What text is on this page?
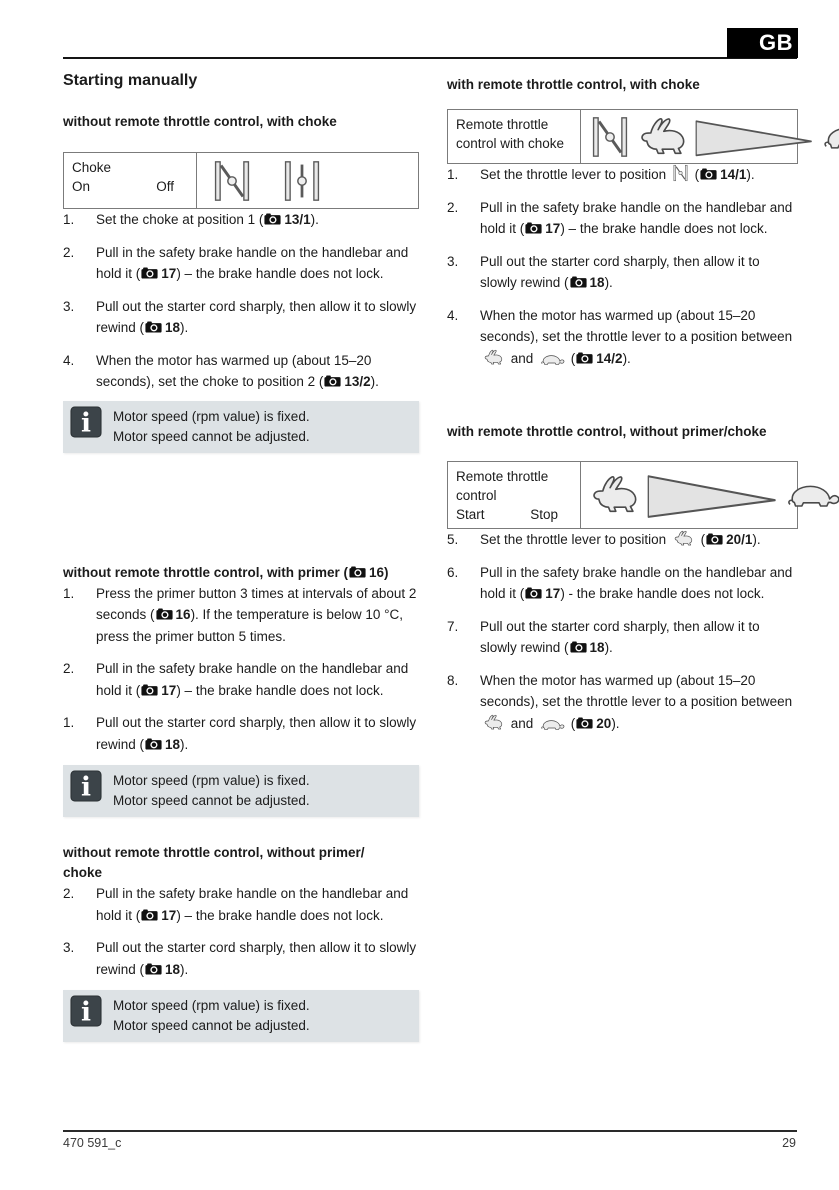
GB
Starting manually
without remote throttle control, with choke
Choke
On	Off
1.	Set the choke at position 1 ( 13/1).
2.	Pull in the safety brake handle on the handlebar and hold it ( 17) – the brake handle does not lock.
3.	Pull out the starter cord sharply, then allow it to slowly rewind ( 18).
4.	When the motor has warmed up (about 15–20 seconds), set the choke to position 2 ( 13/2).
i Motor speed (rpm value) is fixed.
Motor speed cannot be adjusted.
without remote throttle control, with primer ( 16)
1.	Press the primer button 3 times at intervals of about 2 seconds ( 16). If the temperature is below 10 °C, press the primer button 5 times.
2.	Pull in the safety brake handle on the handlebar and hold it ( 17) – the brake handle does not lock.
1.	Pull out the starter cord sharply, then allow it to slowly rewind ( 18).
i Motor speed (rpm value) is fixed.
Motor speed cannot be adjusted.
without remote throttle control, without primer/
choke
2.	Pull in the safety brake handle on the handlebar and hold it ( 17) – the brake handle does not lock.
3.	Pull out the starter cord sharply, then allow it to slowly rewind ( 18).
i Motor speed (rpm value) is fixed.
Motor speed cannot be adjusted.
with remote throttle control, with choke
Remote throttle control with choke
1.	Set the throttle lever to position  ( 14/1).
2.	Pull in the safety brake handle on the handlebar and hold it ( 17) – the brake handle does not lock.
3.	Pull out the starter cord sharply, then allow it to slowly rewind ( 18).
4.	When the motor has warmed up (about 15–20 seconds), set the throttle lever to a position between  and  ( 14/2).
with remote throttle control, without primer/choke
Remote throttle
control
Start	Stop
5.	Set the throttle lever to position  ( 20/1).
6.	Pull in the safety brake handle on the handlebar and hold it ( 17) - the brake handle does not lock.
7.	Pull out the starter cord sharply, then allow it to slowly rewind ( 18).
8.	When the motor has warmed up (about 15–20 seconds), set the throttle lever to a position between  and  ( 20).
470 591_c	29
